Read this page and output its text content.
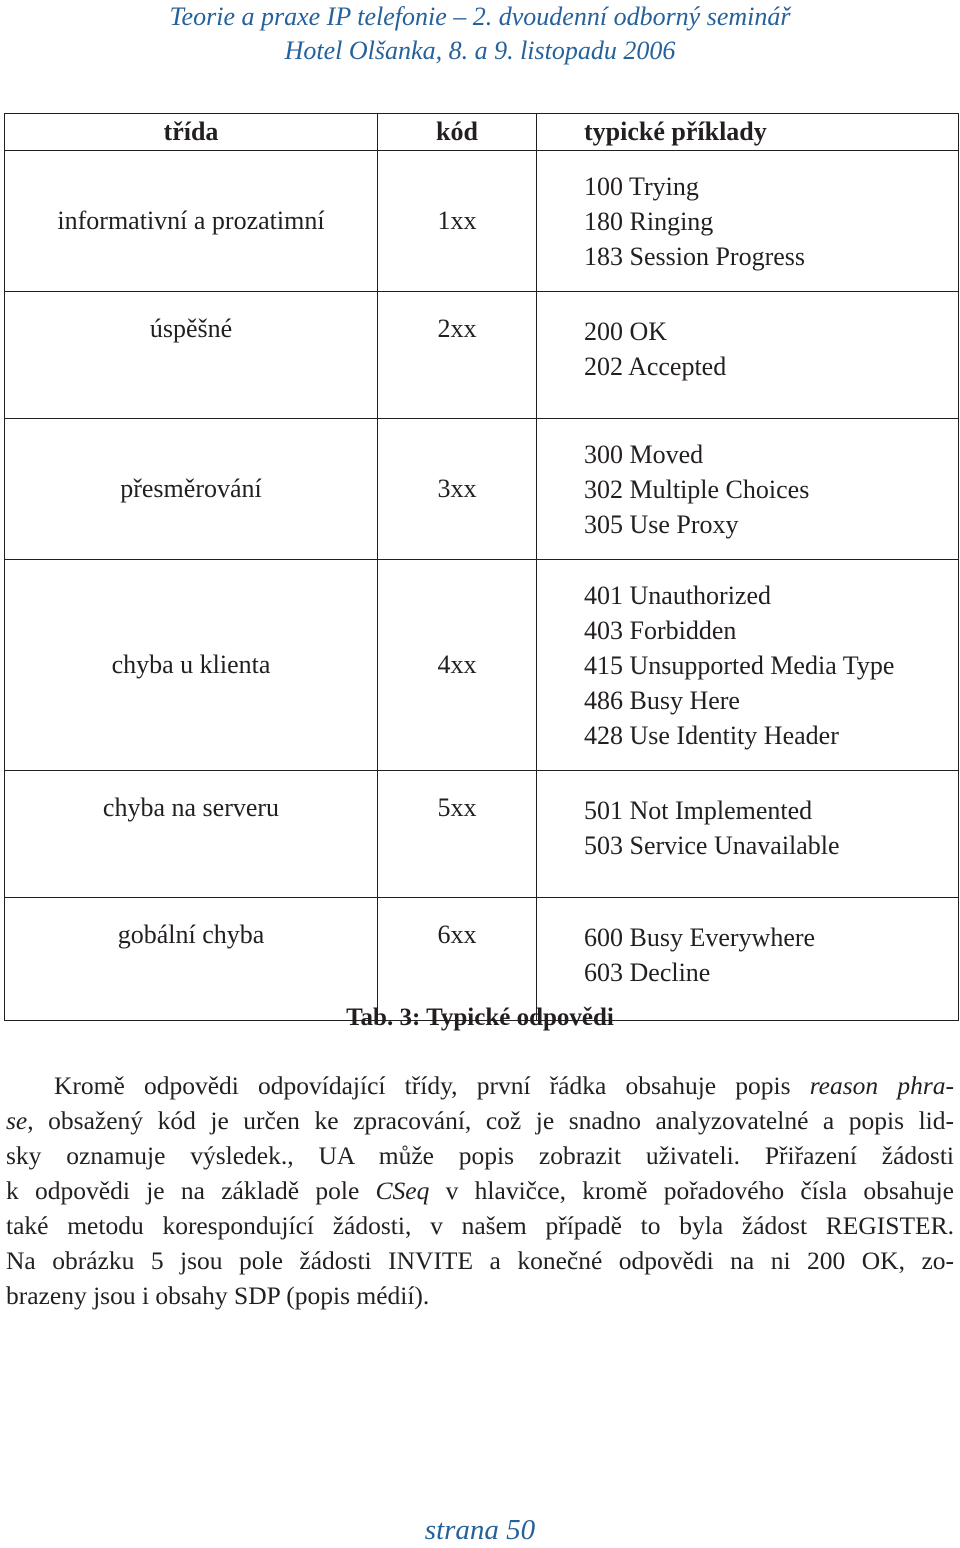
Teorie a praxe IP telefonie – 2. dvoudenní odborný seminář
Hotel Olšanka, 8. a 9. listopadu 2006
třída	kód	typické příklady
informativní a prozatimní	1xx	100 Trying
180 Ringing
183 Session Progress

úspěšné	2xx	200 OK
202 Accepted

přesměrování	3xx	300 Moved
302 Multiple Choices
305 Use Proxy

chyba u klienta	4xx	401 Unauthorized
403 Forbidden
415 Unsupported Media Type
486 Busy Here
428 Use Identity Header

chyba na serveru	5xx	501 Not Implemented
503 Service Unavailable

gobální chyba	6xx	600 Busy Everywhere
603 Decline
Tab. 3: Typické odpovědi
Kromě odpovědi odpovídající třídy, první řádka obsahuje popis reason phra-
se, obsažený kód je určen ke zpracování, což je snadno analyzovatelné a popis lid-
sky oznamuje výsledek., UA může popis zobrazit uživateli. Přiřazení žádosti
k odpovědi je na základě pole CSeq v hlavičce, kromě pořadového čísla obsahuje
také metodu korespondující žádosti, v našem případě to byla žádost REGISTER.
Na obrázku 5 jsou pole žádosti INVITE a konečné odpovědi na ni 200 OK, zo-
brazeny jsou i obsahy SDP (popis médií).
strana 50
